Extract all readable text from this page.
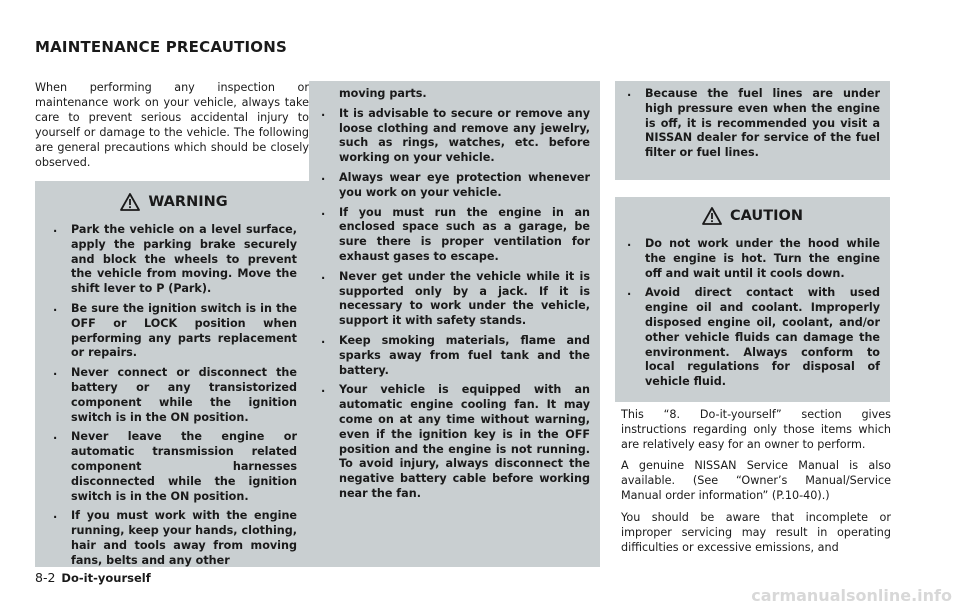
MAINTENANCE PRECAUTIONS

When performing any inspection or maintenance work on your vehicle, always take care to prevent serious accidental injury to yourself or damage to the vehicle. The following are general precautions which should be closely observed.

WARNING
. Park the vehicle on a level surface, apply the parking brake securely and block the wheels to prevent the vehicle from moving. Move the shift lever to P (Park).
. Be sure the ignition switch is in the OFF or LOCK position when performing any parts replacement or repairs.
. Never connect or disconnect the battery or any transistorized component while the ignition switch is in the ON position.
. Never leave the engine or automatic transmission related component harnesses disconnected while the ignition switch is in the ON position.
. If you must work with the engine running, keep your hands, clothing, hair and tools away from moving fans, belts and any other
moving parts.
. It is advisable to secure or remove any loose clothing and remove any jewelry, such as rings, watches, etc. before working on your vehicle.
. Always wear eye protection whenever you work on your vehicle.
. If you must run the engine in an enclosed space such as a garage, be sure there is proper ventilation for exhaust gases to escape.
. Never get under the vehicle while it is supported only by a jack. If it is necessary to work under the vehicle, support it with safety stands.
. Keep smoking materials, flame and sparks away from fuel tank and the battery.
. Your vehicle is equipped with an automatic engine cooling fan. It may come on at any time without warning, even if the ignition key is in the OFF position and the engine is not running. To avoid injury, always disconnect the negative battery cable before working near the fan.
. Because the fuel lines are under high pressure even when the engine is off, it is recommended you visit a NISSAN dealer for service of the fuel filter or fuel lines.
CAUTION
. Do not work under the hood while the engine is hot. Turn the engine off and wait until it cools down.
. Avoid direct contact with used engine oil and coolant. Improperly disposed engine oil, coolant, and/or other vehicle fluids can damage the environment. Always conform to local regulations for disposal of vehicle fluid.

This “8. Do-it-yourself” section gives instructions regarding only those items which are relatively easy for an owner to perform.

A genuine NISSAN Service Manual is also available. (See “Owner’s Manual/Service Manual order information” (P.10-40).)

You should be aware that incomplete or improper servicing may result in operating difficulties or excessive emissions, and

8-2 Do-it-yourself
carmanualsonline.info
